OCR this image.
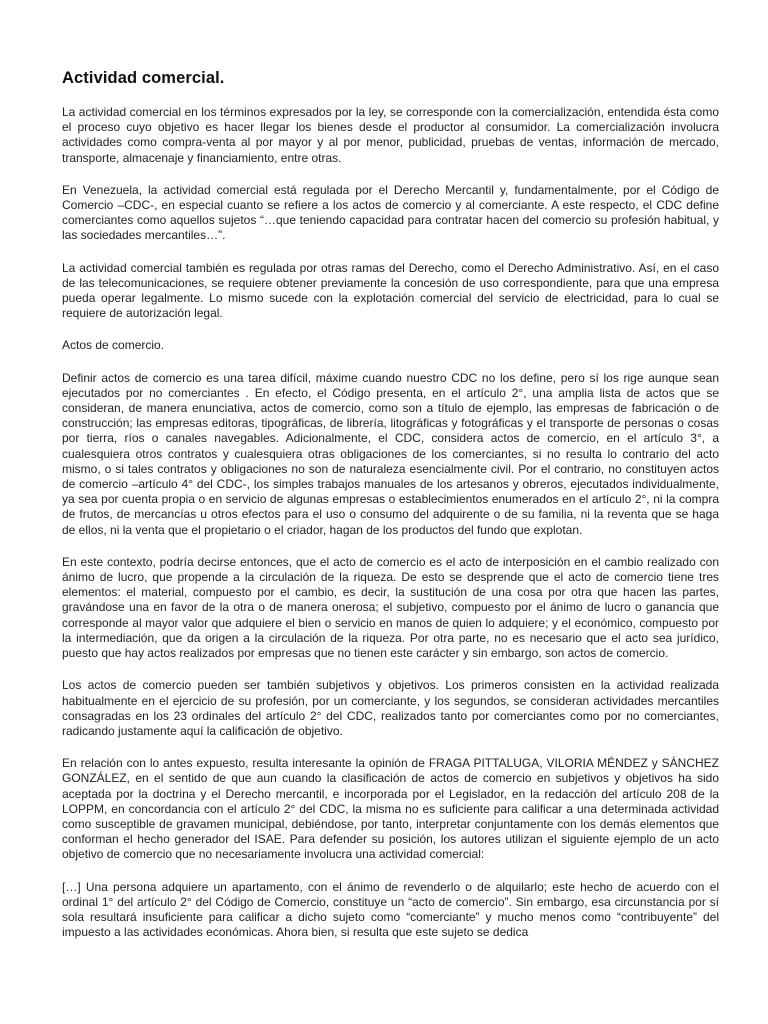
Actividad comercial.

La actividad comercial en los términos expresados por la ley, se corresponde con la comercialización, entendida ésta como el proceso cuyo objetivo es hacer llegar los bienes desde el productor al consumidor. La comercialización involucra actividades como compra-venta al por mayor y al por menor, publicidad, pruebas de ventas, información de mercado, transporte, almacenaje y financiamiento, entre otras.

En Venezuela, la actividad comercial está regulada por el Derecho Mercantil y, fundamentalmente, por el Código de Comercio –CDC-, en especial cuanto se refiere a los actos de comercio y al comerciante. A este respecto, el CDC define comerciantes como aquellos sujetos “…que teniendo capacidad para contratar hacen del comercio su profesión habitual, y las sociedades mercantiles…”.

La actividad comercial también es regulada por otras ramas del Derecho, como el Derecho Administrativo. Así, en el caso de las telecomunicaciones, se requiere obtener previamente la concesión de uso correspondiente, para que una empresa pueda operar legalmente. Lo mismo sucede con la explotación comercial del servicio de electricidad, para lo cual se requiere de autorización legal.

Actos de comercio.

Definir actos de comercio es una tarea difícil, máxime cuando nuestro CDC no los define, pero sí los rige aunque sean ejecutados por no comerciantes . En efecto, el Código presenta, en el artículo 2°, una amplia lista de actos que se consideran, de manera enunciativa, actos de comercio, como son a título de ejemplo, las empresas de fabricación o de construcción; las empresas editoras, tipográficas, de librería, litográficas y fotográficas y el transporte de personas o cosas por tierra, ríos o canales navegables. Adicionalmente, el CDC, considera actos de comercio, en el artículo 3°, a cualesquiera otros contratos y cualesquiera otras obligaciones de los comerciantes, si no resulta lo contrario del acto mismo, o si tales contratos y obligaciones no son de naturaleza esencialmente civil. Por el contrario, no constituyen actos de comercio –artículo 4° del CDC-, los simples trabajos manuales de los artesanos y obreros, ejecutados individualmente, ya sea por cuenta propia o en servicio de algunas empresas o establecimientos enumerados en el artículo 2°, ni la compra de frutos, de mercancías u otros efectos para el uso o consumo del adquirente o de su familia, ni la reventa que se haga de ellos, ni la venta que el propietario o el criador, hagan de los productos del fundo que explotan.

En este contexto, podría decirse entonces, que el acto de comercio es el acto de interposición en el cambio realizado con ánimo de lucro, que propende a la circulación de la riqueza. De esto se desprende que el acto de comercio tiene tres elementos: el material, compuesto por el cambio, es decir, la sustitución de una cosa por otra que hacen las partes, gravándose una en favor de la otra o de manera onerosa; el subjetivo, compuesto por el ánimo de lucro o ganancia que corresponde al mayor valor que adquiere el bien o servicio en manos de quien lo adquiere; y el económico, compuesto por la intermediación, que da origen a la circulación de la riqueza. Por otra parte, no es necesario que el acto sea jurídico, puesto que hay actos realizados por empresas que no tienen este carácter y sin embargo, son actos de comercio.

Los actos de comercio pueden ser también subjetivos y objetivos. Los primeros consisten en la actividad realizada habitualmente en el ejercicio de su profesión, por un comerciante, y los segundos, se consideran actividades mercantiles consagradas en los 23 ordinales del artículo 2° del CDC, realizados tanto por comerciantes como por no comerciantes, radicando justamente aquí la calificación de objetivo.

En relación con lo antes expuesto, resulta interesante la opinión de FRAGA PITTALUGA, VILORIA MÉNDEZ y SÁNCHEZ GONZÁLEZ, en el sentido de que aun cuando la clasificación de actos de comercio en subjetivos y objetivos ha sido aceptada por la doctrina y el Derecho mercantil, e incorporada por el Legislador, en la redacción del artículo 208 de la LOPPM, en concordancia con el artículo 2° del CDC, la misma no es suficiente para calificar a una determinada actividad como susceptible de gravamen municipal, debiéndose, por tanto, interpretar conjuntamente con los demás elementos que conforman el hecho generador del ISAE. Para defender su posición, los autores utilizan el siguiente ejemplo de un acto objetivo de comercio que no necesariamente involucra una actividad comercial:

[…] Una persona adquiere un apartamento, con el ánimo de revenderlo o de alquilarlo; este hecho de acuerdo con el ordinal 1° del artículo 2° del Código de Comercio, constituye un “acto de comercio”. Sin embargo, esa circunstancia por sí sola resultará insuficiente para calificar a dicho sujeto como “comerciante” y mucho menos como “contribuyente” del impuesto a las actividades económicas. Ahora bien, si resulta que este sujeto se dedica
